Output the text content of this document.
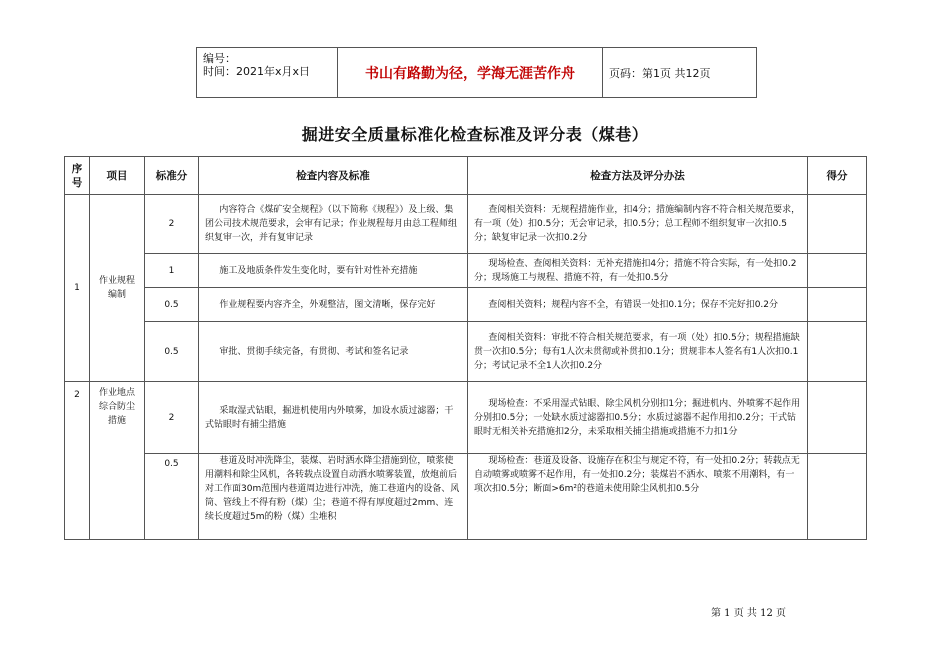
编号：
时间：2021年x月x日	书山有路勤为径，学海无涯苦作舟	页码：第1页 共12页
掘进安全质量标准化检查标准及评分表（煤巷）
序号	项目	标准分	检查内容及标准	检查方法及评分办法	得分
1	作业规程编制	2	内容符合《煤矿安全规程》（以下简称《规程》）及上级、集团公司技术规范要求，会审有记录；作业规程每月由总工程师组织复审一次，并有复审记录	查阅相关资料：无规程措施作业，扣4分；措施编制内容不符合相关规范要求，有一项（处）扣0.5分；无会审记录，扣0.5分；总工程师不组织复审一次扣0.5分；缺复审记录一次扣0.2分	
		1	施工及地质条件发生变化时，要有针对性补充措施	现场检查、查阅相关资料：无补充措施扣4分；措施不符合实际，有一处扣0.2分；现场施工与规程、措施不符，有一处扣0.5分	
		0.5	作业规程要内容齐全，外观整洁，图文清晰，保存完好	查阅相关资料；规程内容不全，有错误一处扣0.1分；保存不完好扣0.2分	
		0.5	审批、贯彻手续完备，有贯彻、考试和签名记录	查阅相关资料：审批不符合相关规范要求，有一项（处）扣0.5分；规程措施缺贯一次扣0.5分；每有1人次未贯彻或补贯扣0.1分；贯规非本人签名有1人次扣0.1分；考试记录不全1人次扣0.2分	
2	作业地点综合防尘措施	2	采取湿式钻眼，掘进机使用内外喷雾，加设水质过滤器；干式钻眼时有捕尘措施	现场检查：不采用湿式钻眼、除尘风机分别扣1分；掘进机内、外喷雾不起作用分别扣0.5分；一处缺水质过滤器扣0.5分；水质过滤器不起作用扣0.2分；干式钻眼时无相关补充措施扣2分，未采取相关捕尘措施或措施不力扣1分	
		0.5	巷道及时冲洗降尘，装煤、岩时洒水降尘措施到位，喷浆使用潮料和除尘风机，各转载点设置自动洒水喷雾装置，放炮前后对工作面30m范围内巷道周边进行冲洗，施工巷道内的设备、风筒、管线上不得有粉（煤）尘；巷道不得有厚度超过2mm、连续长度超过5m的粉（煤）尘堆积	现场检查：巷道及设备、设施存在积尘与规定不符，有一处扣0.2分；转载点无自动喷雾或喷雾不起作用，有一处扣0.2分；装煤岩不洒水、喷浆不用潮料，有一项次扣0.5分；断面>6m²的巷道未使用除尘风机扣0.5分	
第 1 页 共 12 页
